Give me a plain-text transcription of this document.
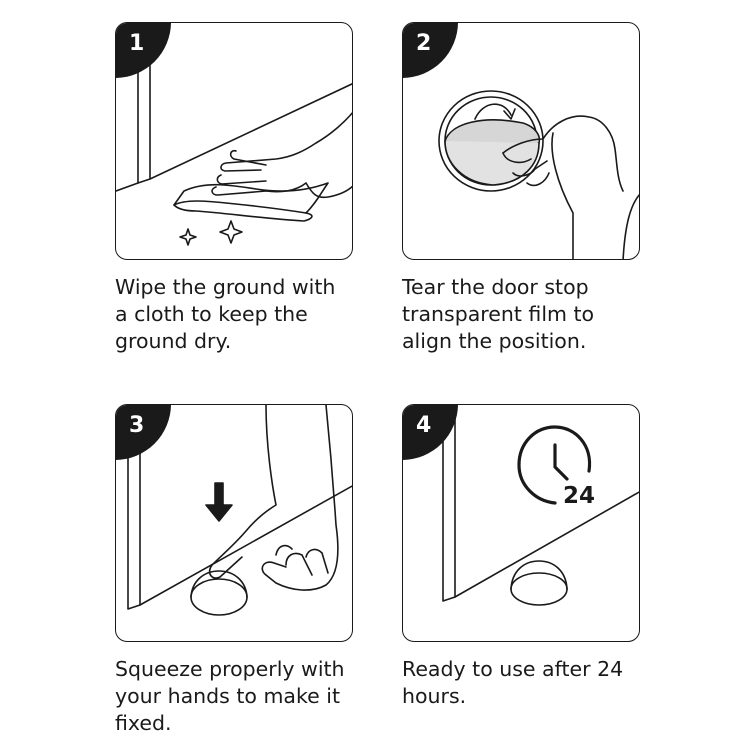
1
Wipe the ground with
a cloth to keep the
ground dry.
2
Tear the door stop
transparent film to
align the position.
3
Squeeze properly with
your hands to make it
fixed.
24
4
Ready to use after 24
hours.
